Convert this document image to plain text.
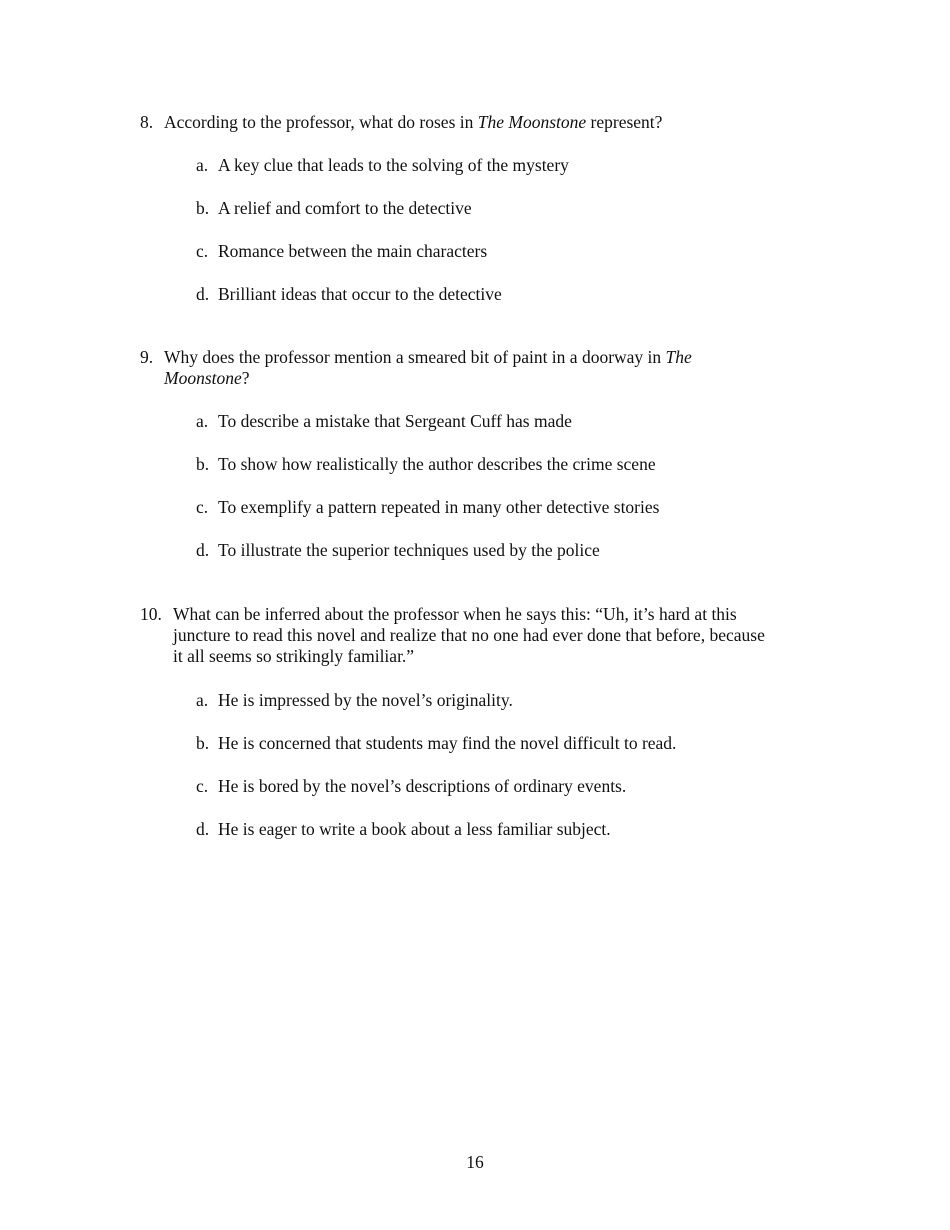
8. According to the professor, what do roses in The Moonstone represent?
a. A key clue that leads to the solving of the mystery
b. A relief and comfort to the detective
c. Romance between the main characters
d. Brilliant ideas that occur to the detective
9. Why does the professor mention a smeared bit of paint in a doorway in The Moonstone?
a. To describe a mistake that Sergeant Cuff has made
b. To show how realistically the author describes the crime scene
c. To exemplify a pattern repeated in many other detective stories
d. To illustrate the superior techniques used by the police
10. What can be inferred about the professor when he says this: “Uh, it’s hard at this juncture to read this novel and realize that no one had ever done that before, because it all seems so strikingly familiar.”
a. He is impressed by the novel’s originality.
b. He is concerned that students may find the novel difficult to read.
c. He is bored by the novel’s descriptions of ordinary events.
d. He is eager to write a book about a less familiar subject.
16
